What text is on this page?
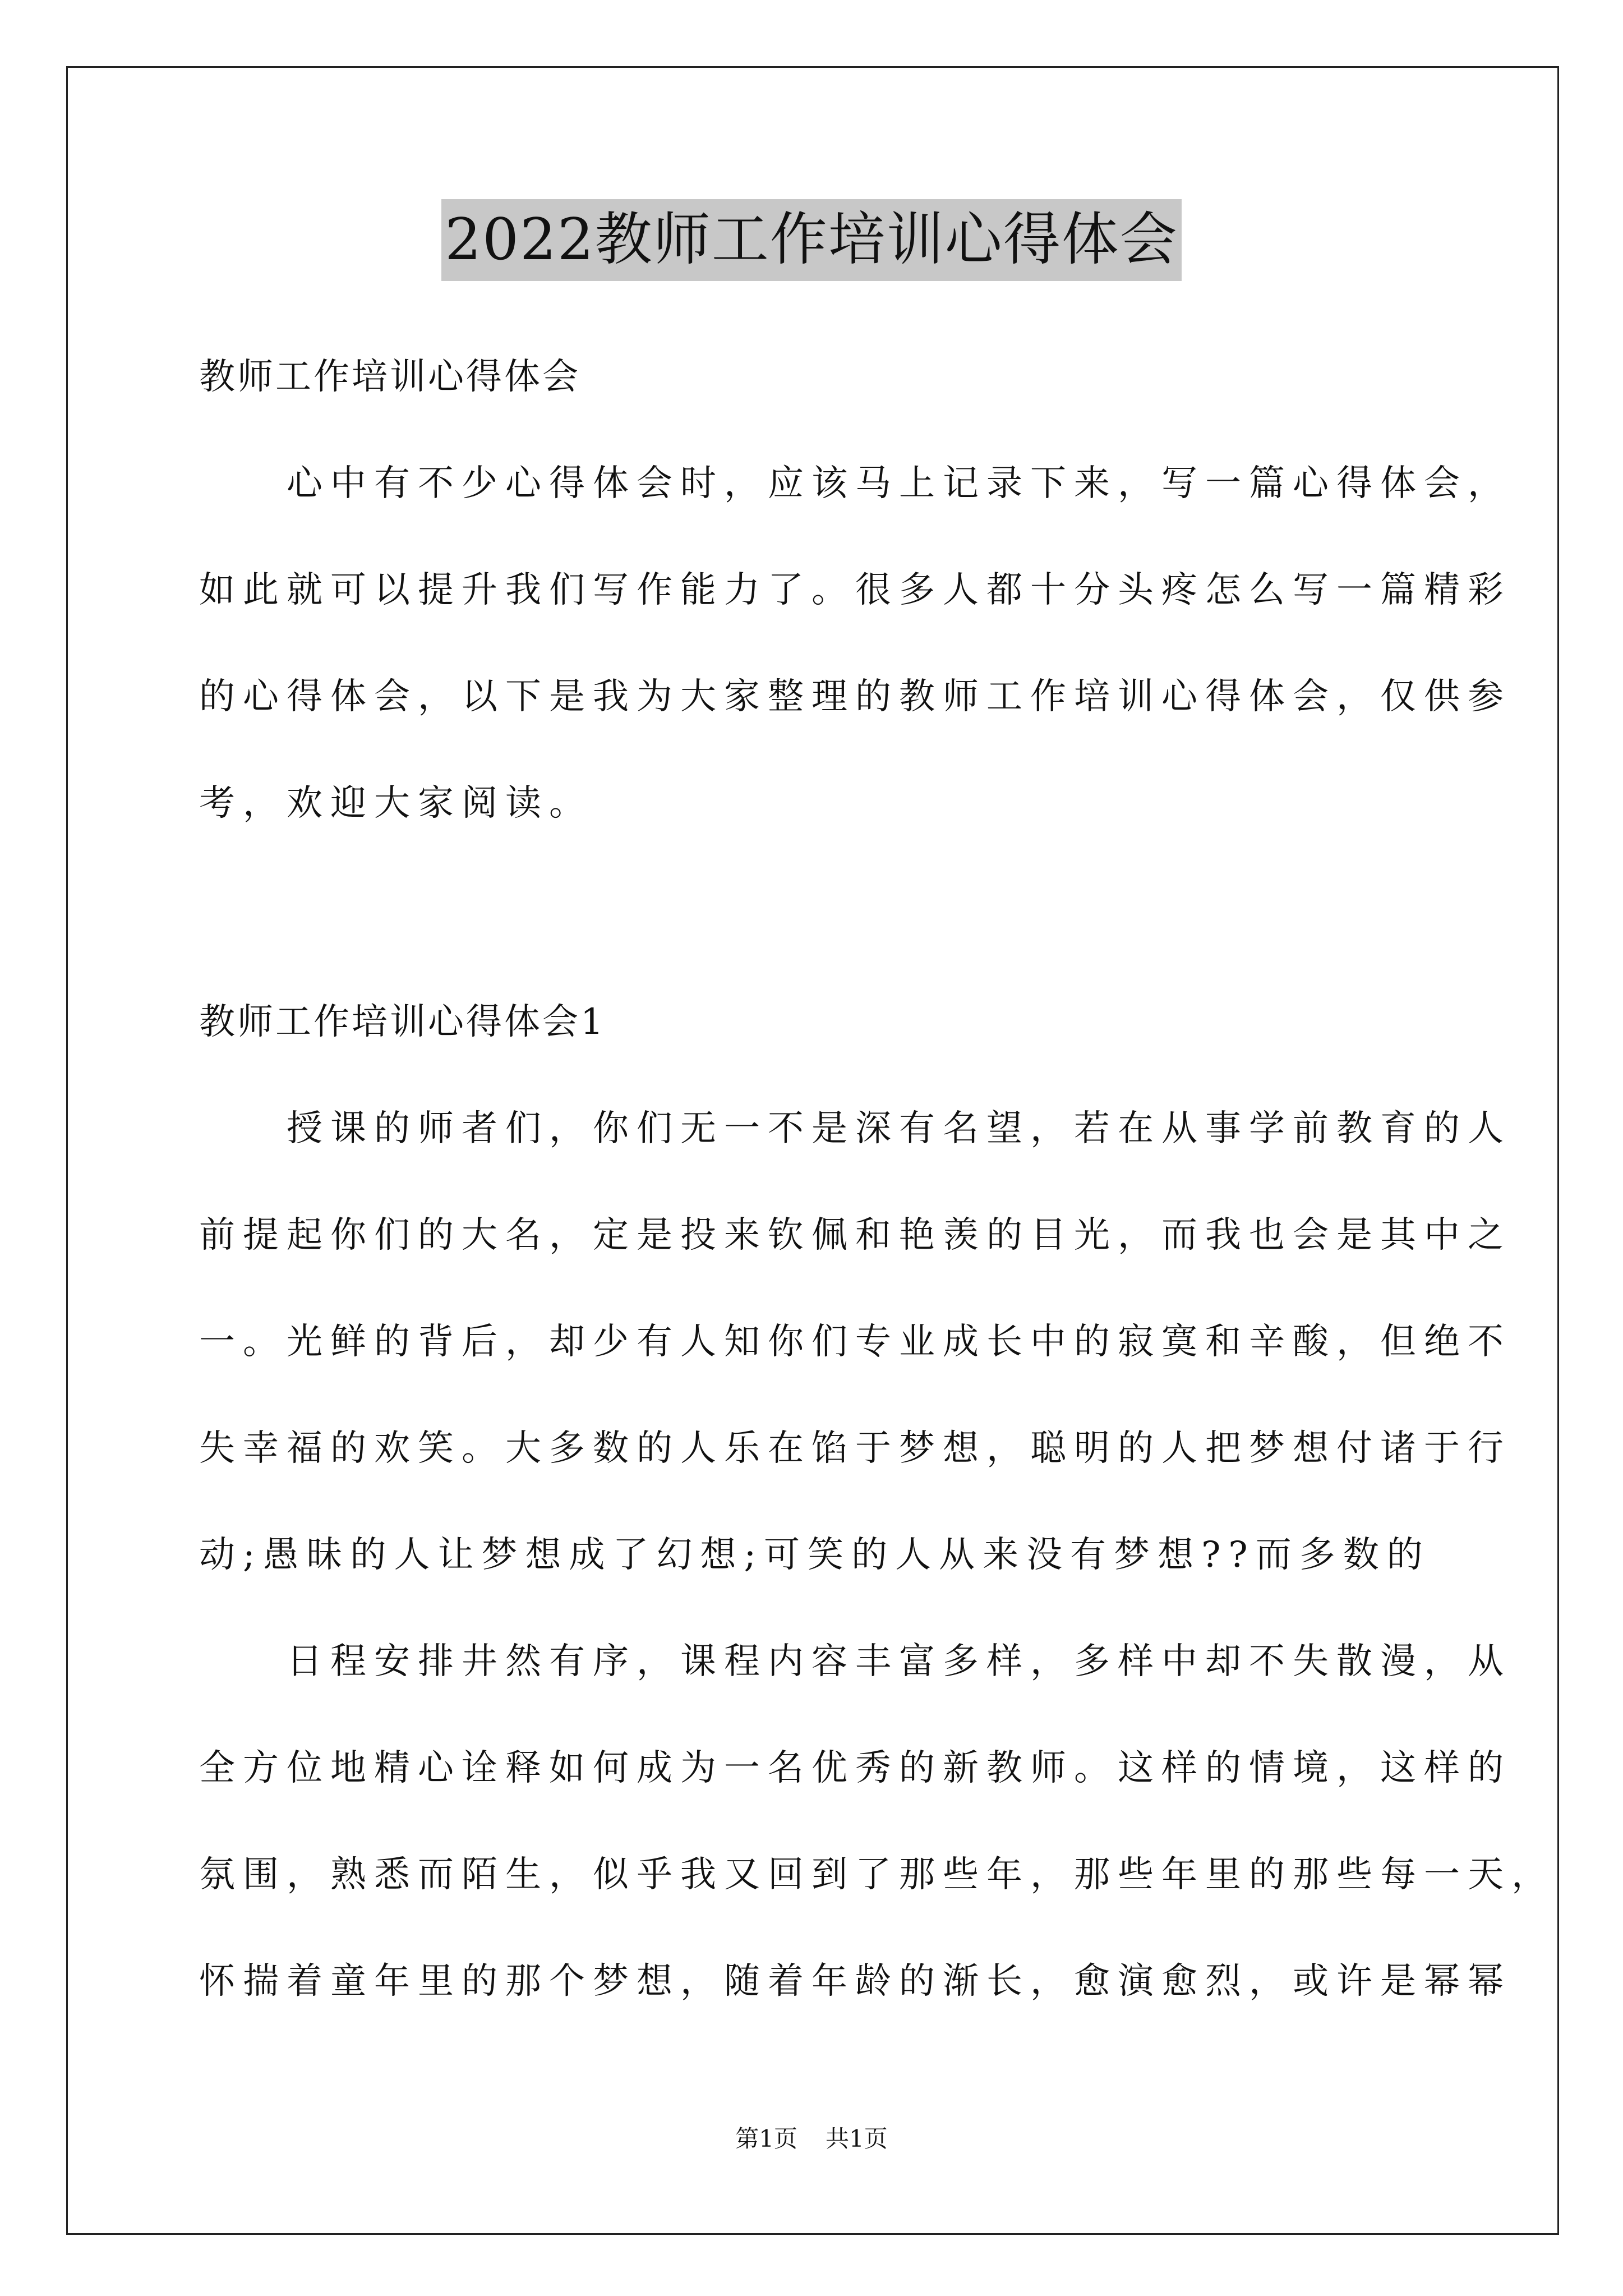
2022教师工作培训心得体会
教师工作培训心得体会
　　心中有不少心得体会时，应该马上记录下来，写一篇心得体会，
如此就可以提升我们写作能力了。很多人都十分头疼怎么写一篇精彩
的心得体会，以下是我为大家整理的教师工作培训心得体会，仅供参
考，欢迎大家阅读。
教师工作培训心得体会1
　　授课的师者们，你们无一不是深有名望，若在从事学前教育的人
前提起你们的大名，定是投来钦佩和艳羡的目光，而我也会是其中之
一。光鲜的背后，却少有人知你们专业成长中的寂寞和辛酸，但绝不
失幸福的欢笑。大多数的人乐在馅于梦想，聪明的人把梦想付诸于行
动;愚昧的人让梦想成了幻想;可笑的人从来没有梦想??而多数的
　　日程安排井然有序，课程内容丰富多样，多样中却不失散漫，从
全方位地精心诠释如何成为一名优秀的新教师。这样的情境，这样的
氛围，熟悉而陌生，似乎我又回到了那些年，那些年里的那些每一天，
怀揣着童年里的那个梦想，随着年龄的渐长，愈演愈烈，或许是幂幂
第1页 共1页
